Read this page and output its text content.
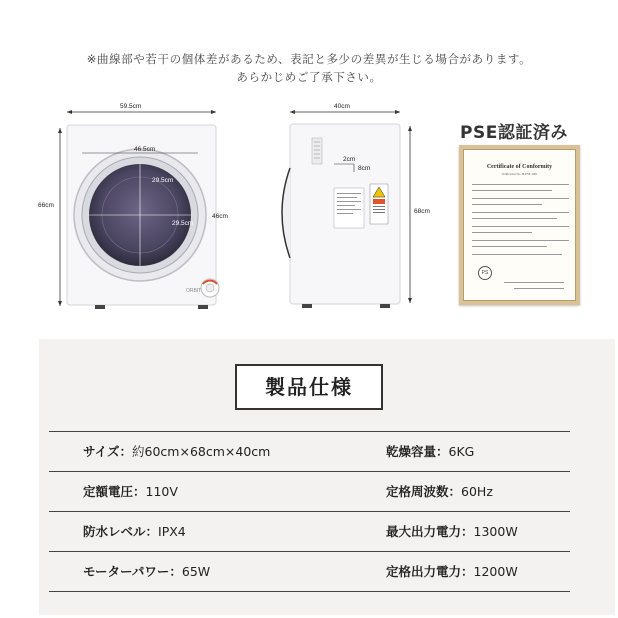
※曲線部や若干の個体差があるため、表記と多少の差異が生じる場合があります。
あらかじめご了承下さい。
ORBIT
59.5cm
66cm
46.5cm
29.5cm
29.5cm
46cm
40cm
68cm
2cm
8cm
PSE認証済み
Certificate of Conformity
Verification No. M-PSE-1001
PS
製品仕様
サイズ：約60cm×68cm×40cm	乾燥容量：6KG
定額電圧：110V	定格周波数：60Hz
防水レベル：IPX4	最大出力電力：1300W
モーターパワー：65W	定格出力電力：1200W
